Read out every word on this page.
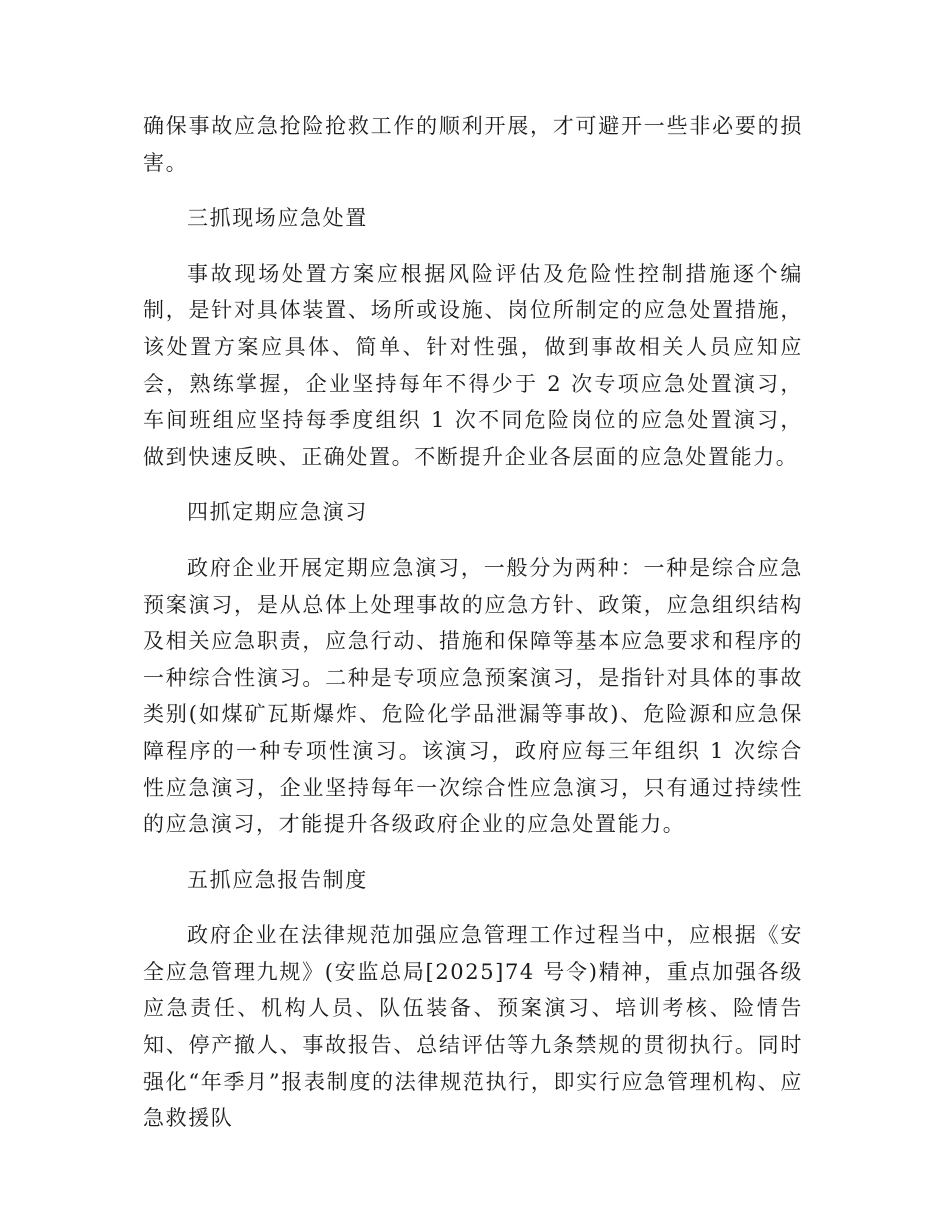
确保事故应急抢险抢救工作的顺利开展，才可避开一些非必要的损害。

三抓现场应急处置

事故现场处置方案应根据风险评估及危险性控制措施逐个编制，是针对具体装置、场所或设施、岗位所制定的应急处置措施，该处置方案应具体、简单、针对性强，做到事故相关人员应知应会，熟练掌握，企业坚持每年不得少于 2 次专项应急处置演习，车间班组应坚持每季度组织 1 次不同危险岗位的应急处置演习，做到快速反映、正确处置。不断提升企业各层面的应急处置能力。

四抓定期应急演习

政府企业开展定期应急演习，一般分为两种：一种是综合应急预案演习，是从总体上处理事故的应急方针、政策，应急组织结构及相关应急职责，应急行动、措施和保障等基本应急要求和程序的一种综合性演习。二种是专项应急预案演习，是指针对具体的事故类别(如煤矿瓦斯爆炸、危险化学品泄漏等事故)、危险源和应急保障程序的一种专项性演习。该演习，政府应每三年组织 1 次综合性应急演习，企业坚持每年一次综合性应急演习，只有通过持续性的应急演习，才能提升各级政府企业的应急处置能力。

五抓应急报告制度

政府企业在法律规范加强应急管理工作过程当中，应根据《安全应急管理九规》(安监总局[2025]74 号令)精神，重点加强各级应急责任、机构人员、队伍装备、预案演习、培训考核、险情告知、停产撤人、事故报告、总结评估等九条禁规的贯彻执行。同时强化“年季月”报表制度的法律规范执行，即实行应急管理机构、应急救援队
